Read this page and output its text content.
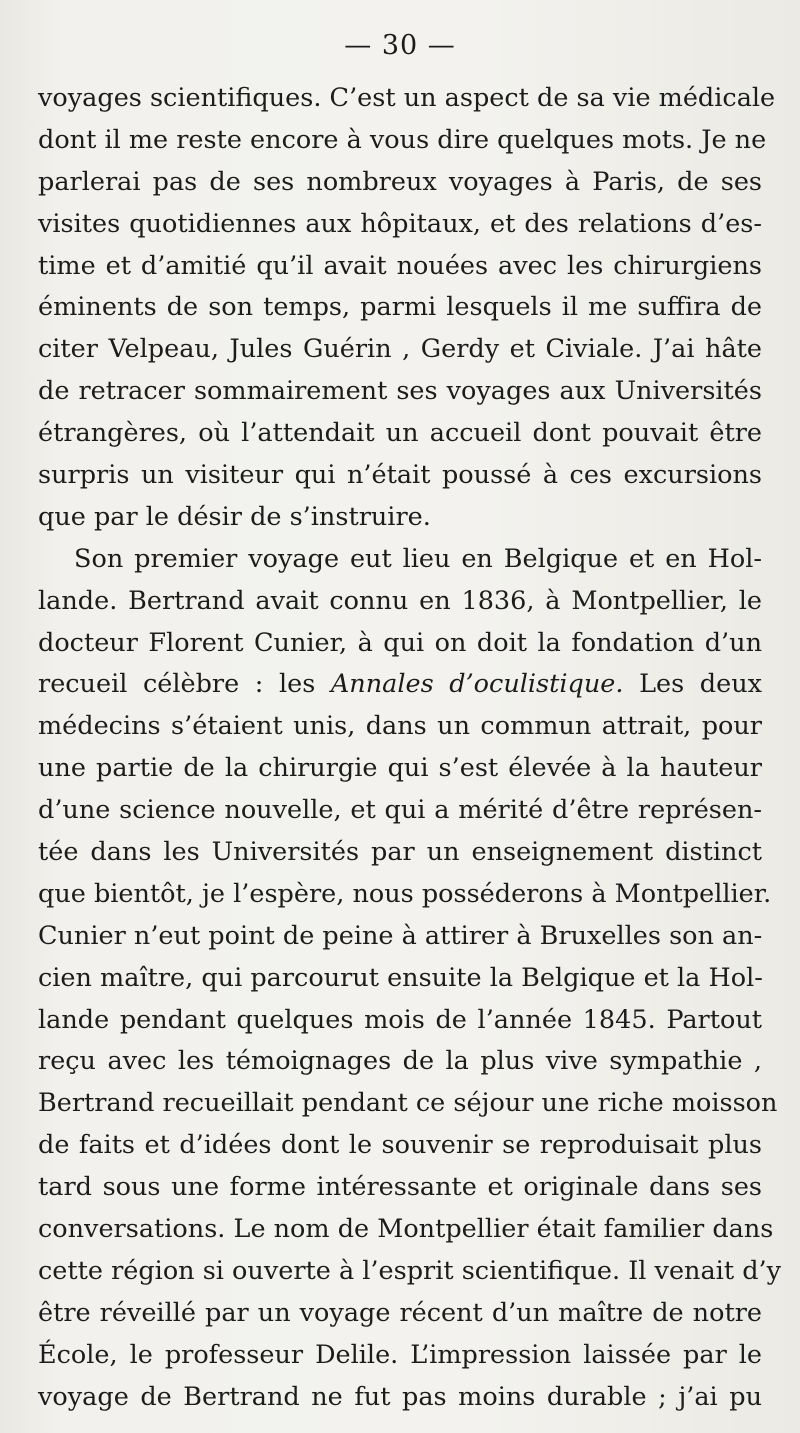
— 30 —
voyages scientifiques. C’est un aspect de sa vie médicale
dont il me reste encore à vous dire quelques mots. Je ne
parlerai pas de ses nombreux voyages à Paris, de ses
visites quotidiennes aux hôpitaux, et des relations d’es-
time et d’amitié qu’il avait nouées avec les chirurgiens
éminents de son temps, parmi lesquels il me suffira de
citer Velpeau, Jules Guérin , Gerdy et Civiale. J’ai hâte
de retracer sommairement ses voyages aux Universités
étrangères, où l’attendait un accueil dont pouvait être
surpris un visiteur qui n’était poussé à ces excursions
que par le désir de s’instruire.
Son premier voyage eut lieu en Belgique et en Hol-
lande. Bertrand avait connu en 1836, à Montpellier, le
docteur Florent Cunier, à qui on doit la fondation d’un
recueil célèbre : les Annales d’oculistique. Les deux
médecins s’étaient unis, dans un commun attrait, pour
une partie de la chirurgie qui s’est élevée à la hauteur
d’une science nouvelle, et qui a mérité d’être représen-
tée dans les Universités par un enseignement distinct
que bientôt, je l’espère, nous posséderons à Montpellier.
Cunier n’eut point de peine à attirer à Bruxelles son an-
cien maître, qui parcourut ensuite la Belgique et la Hol-
lande pendant quelques mois de l’année 1845. Partout
reçu avec les témoignages de la plus vive sympathie ,
Bertrand recueillait pendant ce séjour une riche moisson
de faits et d’idées dont le souvenir se reproduisait plus
tard sous une forme intéressante et originale dans ses
conversations. Le nom de Montpellier était familier dans
cette région si ouverte à l’esprit scientifique. Il venait d’y
être réveillé par un voyage récent d’un maître de notre
École, le professeur Delile. L’impression laissée par le
voyage de Bertrand ne fut pas moins durable ; j’ai pu
